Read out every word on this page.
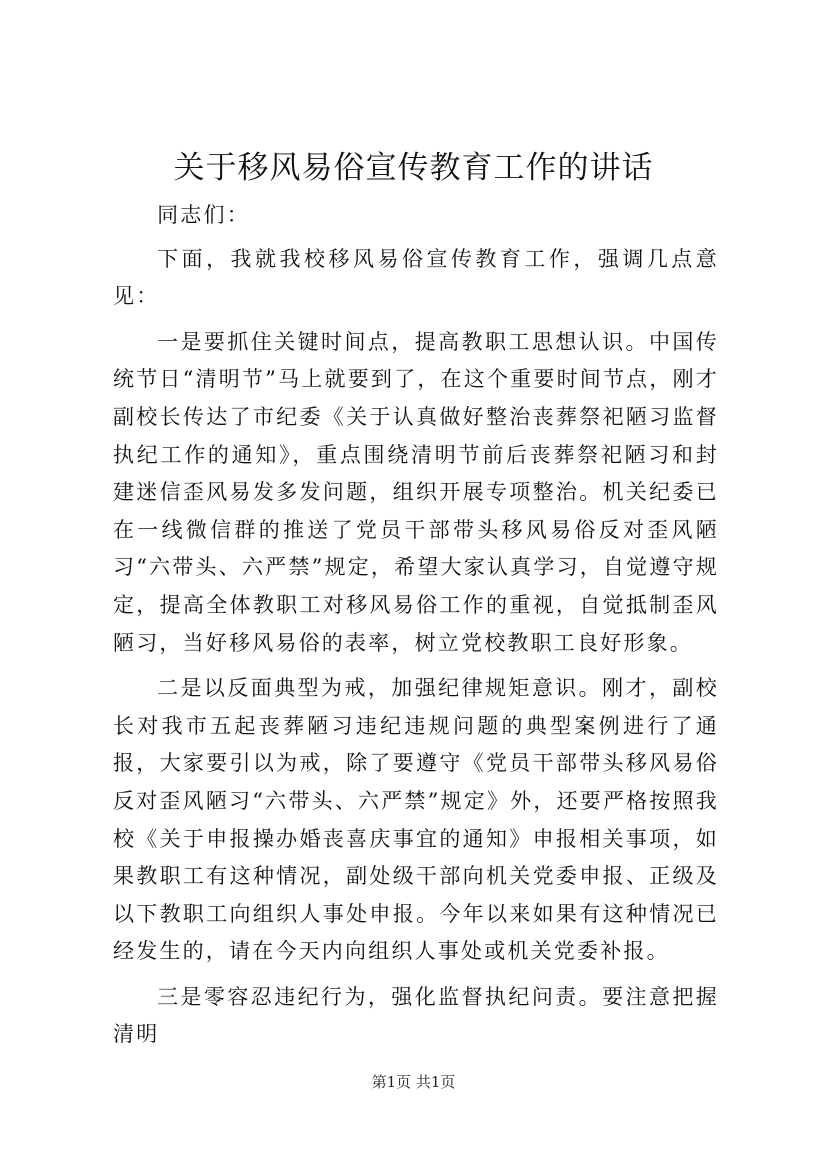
关于移风易俗宣传教育工作的讲话

同志们：

下面，我就我校移风易俗宣传教育工作，强调几点意见：

一是要抓住关键时间点，提高教职工思想认识。中国传统节日“清明节”马上就要到了，在这个重要时间节点，刚才副校长传达了市纪委《关于认真做好整治丧葬祭祀陋习监督执纪工作的通知》，重点围绕清明节前后丧葬祭祀陋习和封建迷信歪风易发多发问题，组织开展专项整治。机关纪委已在一线微信群的推送了党员干部带头移风易俗反对歪风陋习“六带头、六严禁”规定，希望大家认真学习，自觉遵守规定，提高全体教职工对移风易俗工作的重视，自觉抵制歪风陋习，当好移风易俗的表率，树立党校教职工良好形象。

二是以反面典型为戒，加强纪律规矩意识。刚才，副校长对我市五起丧葬陋习违纪违规问题的典型案例进行了通报，大家要引以为戒，除了要遵守《党员干部带头移风易俗反对歪风陋习“六带头、六严禁”规定》外，还要严格按照我校《关于申报操办婚丧喜庆事宜的通知》申报相关事项，如果教职工有这种情况，副处级干部向机关党委申报、正级及以下教职工向组织人事处申报。今年以来如果有这种情况已经发生的，请在今天内向组织人事处或机关党委补报。

三是零容忍违纪行为，强化监督执纪问责。要注意把握清明

第1页 共1页
